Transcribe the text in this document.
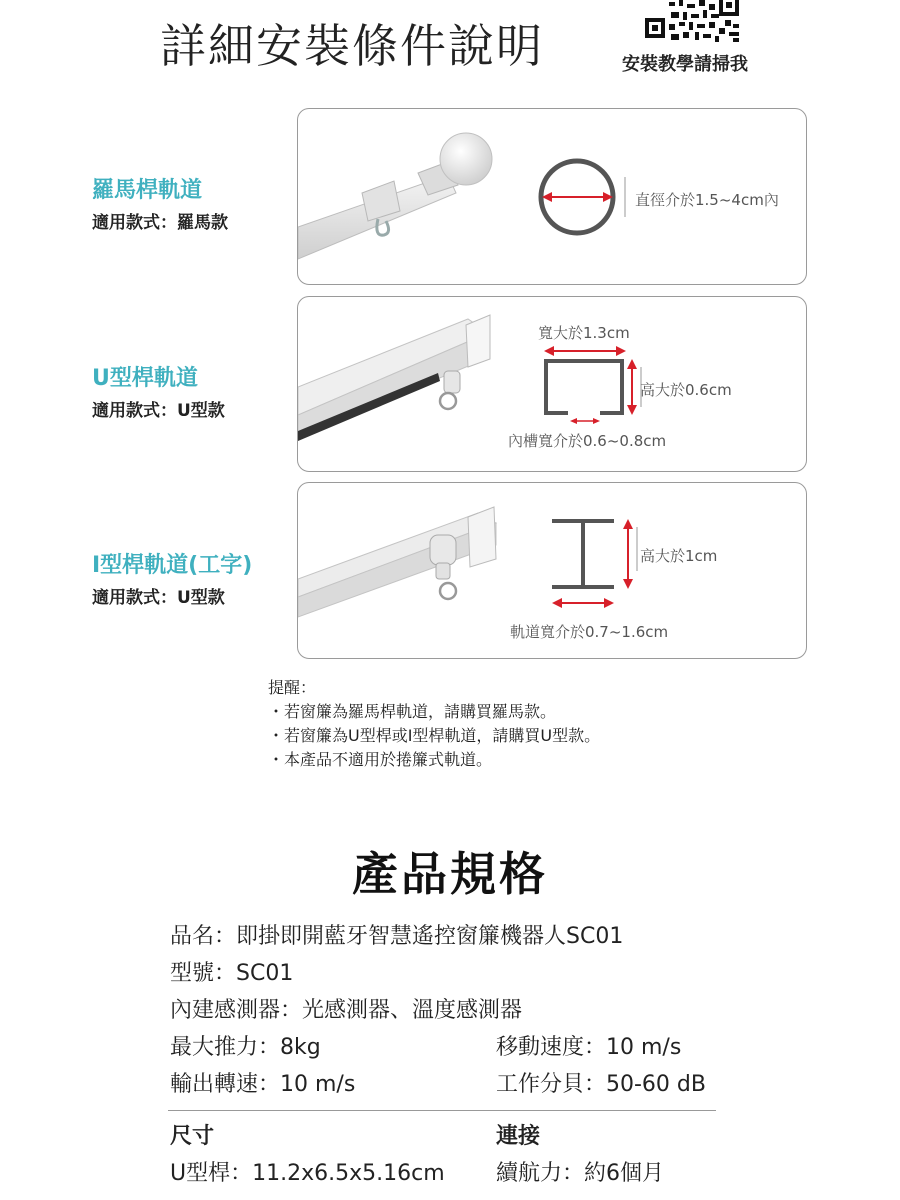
詳細安裝條件說明	安裝教學請掃我
羅馬桿軌道
適用款式：羅馬款
直徑介於1.5~4cm內
U型桿軌道
適用款式：U型款
寬大於1.3cm
高大於0.6cm
內槽寬介於0.6~0.8cm
I型桿軌道(工字)
適用款式：U型款
高大於1cm
軌道寬介於0.7~1.6cm
提醒：
・若窗簾為羅馬桿軌道，請購買羅馬款。
・若窗簾為U型桿或I型桿軌道，請購買U型款。
・本產品不適用於捲簾式軌道。
產品規格
品名：即掛即開藍牙智慧遙控窗簾機器人SC01
型號：SC01
內建感測器：光感測器、溫度感測器
最大推力：8kg	移動速度：10 m/s
輸出轉速：10 m/s	工作分貝：50-60 dB
尺寸	連接
U型桿：11.2x6.5x5.16cm 續航力：約6個月
